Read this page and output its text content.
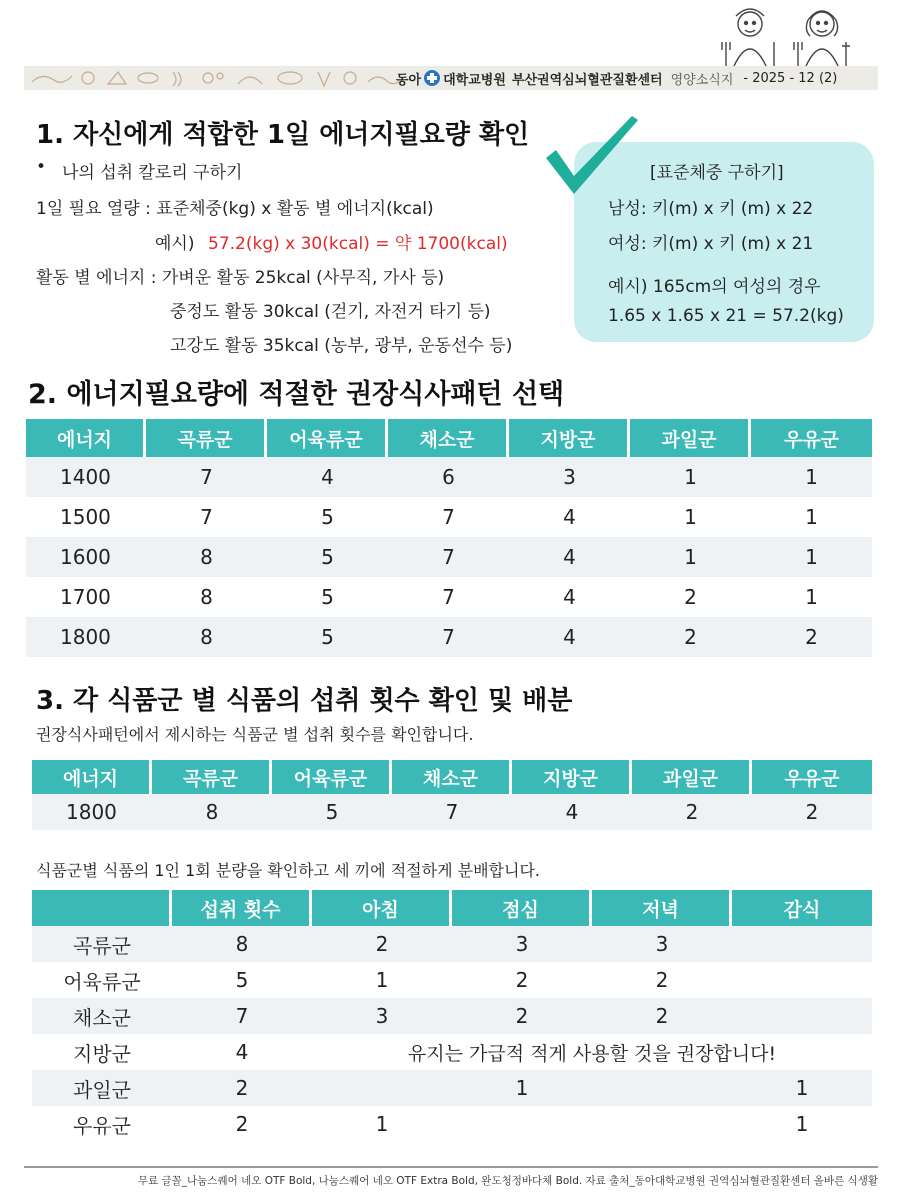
동아 대학교병원 부산권역심뇌혈관질환센터 영양소식지 - 2025 - 12 (2)
1. 자신에게 적합한 1일 에너지필요량 확인
• 나의 섭취 칼로리 구하기
1일 필요 열량 : 표준체중(kg) x 활동 별 에너지(kcal)
예시) 57.2(kg) x 30(kcal) = 약 1700(kcal)
활동 별 에너지 : 가벼운 활동 25kcal (사무직, 가사 등)
중정도 활동 30kcal (걷기, 자전거 타기 등)
고강도 활동 35kcal (농부, 광부, 운동선수 등)
[표준체중 구하기]
남성: 키(m) x 키 (m) x 22
여성: 키(m) x 키 (m) x 21
예시) 165cm의 여성의 경우
1.65 x 1.65 x 21 = 57.2(kg)
2. 에너지필요량에 적절한 권장식사패턴 선택
에너지	곡류군	어육류군	채소군	지방군	과일군	우유군
1400	7	4	6	3	1	1
1500	7	5	7	4	1	1
1600	8	5	7	4	1	1
1700	8	5	7	4	2	1
1800	8	5	7	4	2	2
3. 각 식품군 별 식품의 섭취 횟수 확인 및 배분
권장식사패턴에서 제시하는 식품군 별 섭취 횟수를 확인합니다.
에너지	곡류군	어육류군	채소군	지방군	과일군	우유군
1800	8	5	7	4	2	2
식품군별 식품의 1인 1회 분량을 확인하고 세 끼에 적절하게 분배합니다.
	섭취 횟수	아침	점심	저녁	감식
곡류군	8	2	3	3	
어육류군	5	1	2	2	
채소군	7	3	2	2	
지방군	4	유지는 가급적 적게 사용할 것을 권장합니다!			
과일군	2		1		1
우유군	2	1			1
무료 글꼴_나눔스퀘어 네오 OTF Bold, 나눔스퀘어 네오 OTF Extra Bold, 완도청정바다체 Bold. 자료 출처_동아대학교병원 권역심뇌혈관질환센터 올바른 식생활
